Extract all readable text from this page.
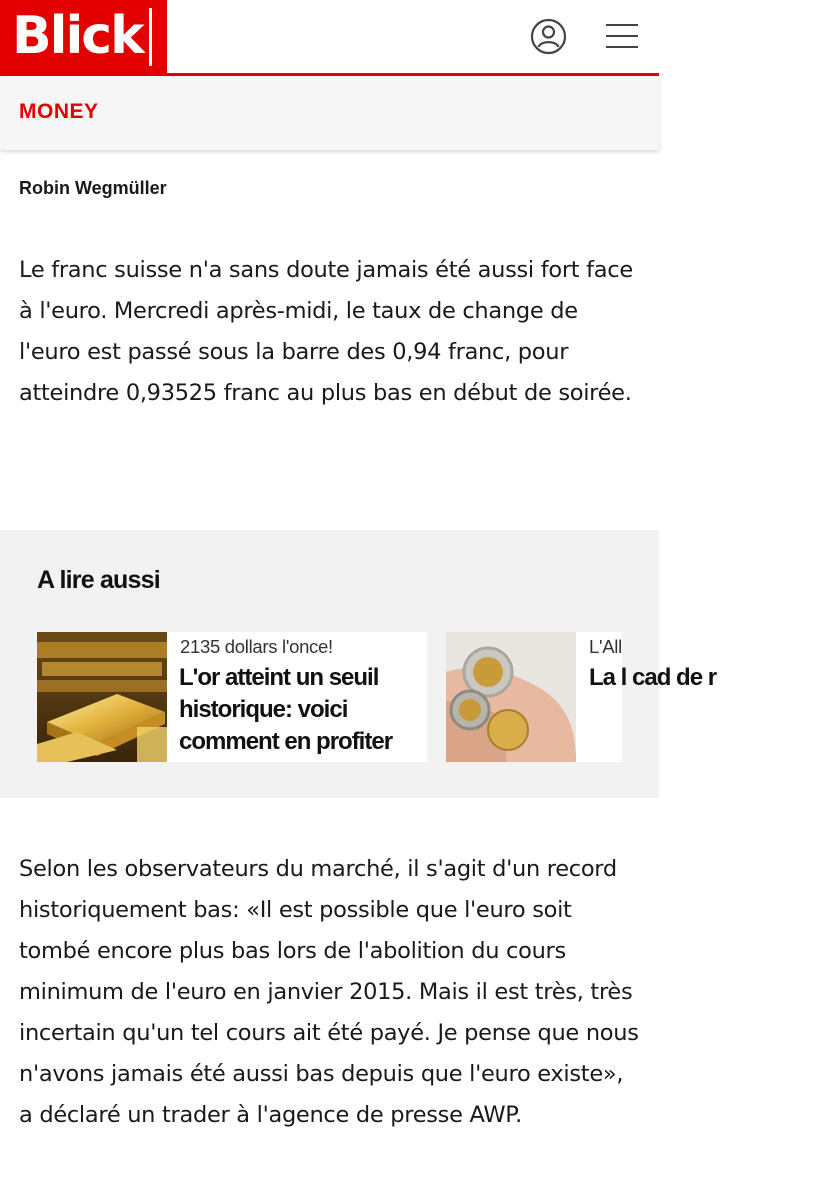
Blick
MONEY
Robin Wegmüller

Le franc suisse n'a sans doute jamais été aussi fort face à l'euro. Mercredi après-midi, le taux de change de l'euro est passé sous la barre des 0,94 franc, pour atteindre 0,93525 franc au plus bas en début de soirée.

A lire aussi
2135 dollars l'once!
L'or atteint un seuil historique: voici comment en profiter
L'All
La l cad de r

Selon les observateurs du marché, il s'agit d'un record historiquement bas: «Il est possible que l'euro soit tombé encore plus bas lors de l'abolition du cours minimum de l'euro en janvier 2015. Mais il est très, très incertain qu'un tel cours ait été payé. Je pense que nous n'avons jamais été aussi bas depuis que l'euro existe», a déclaré un trader à l'agence de presse AWP.
